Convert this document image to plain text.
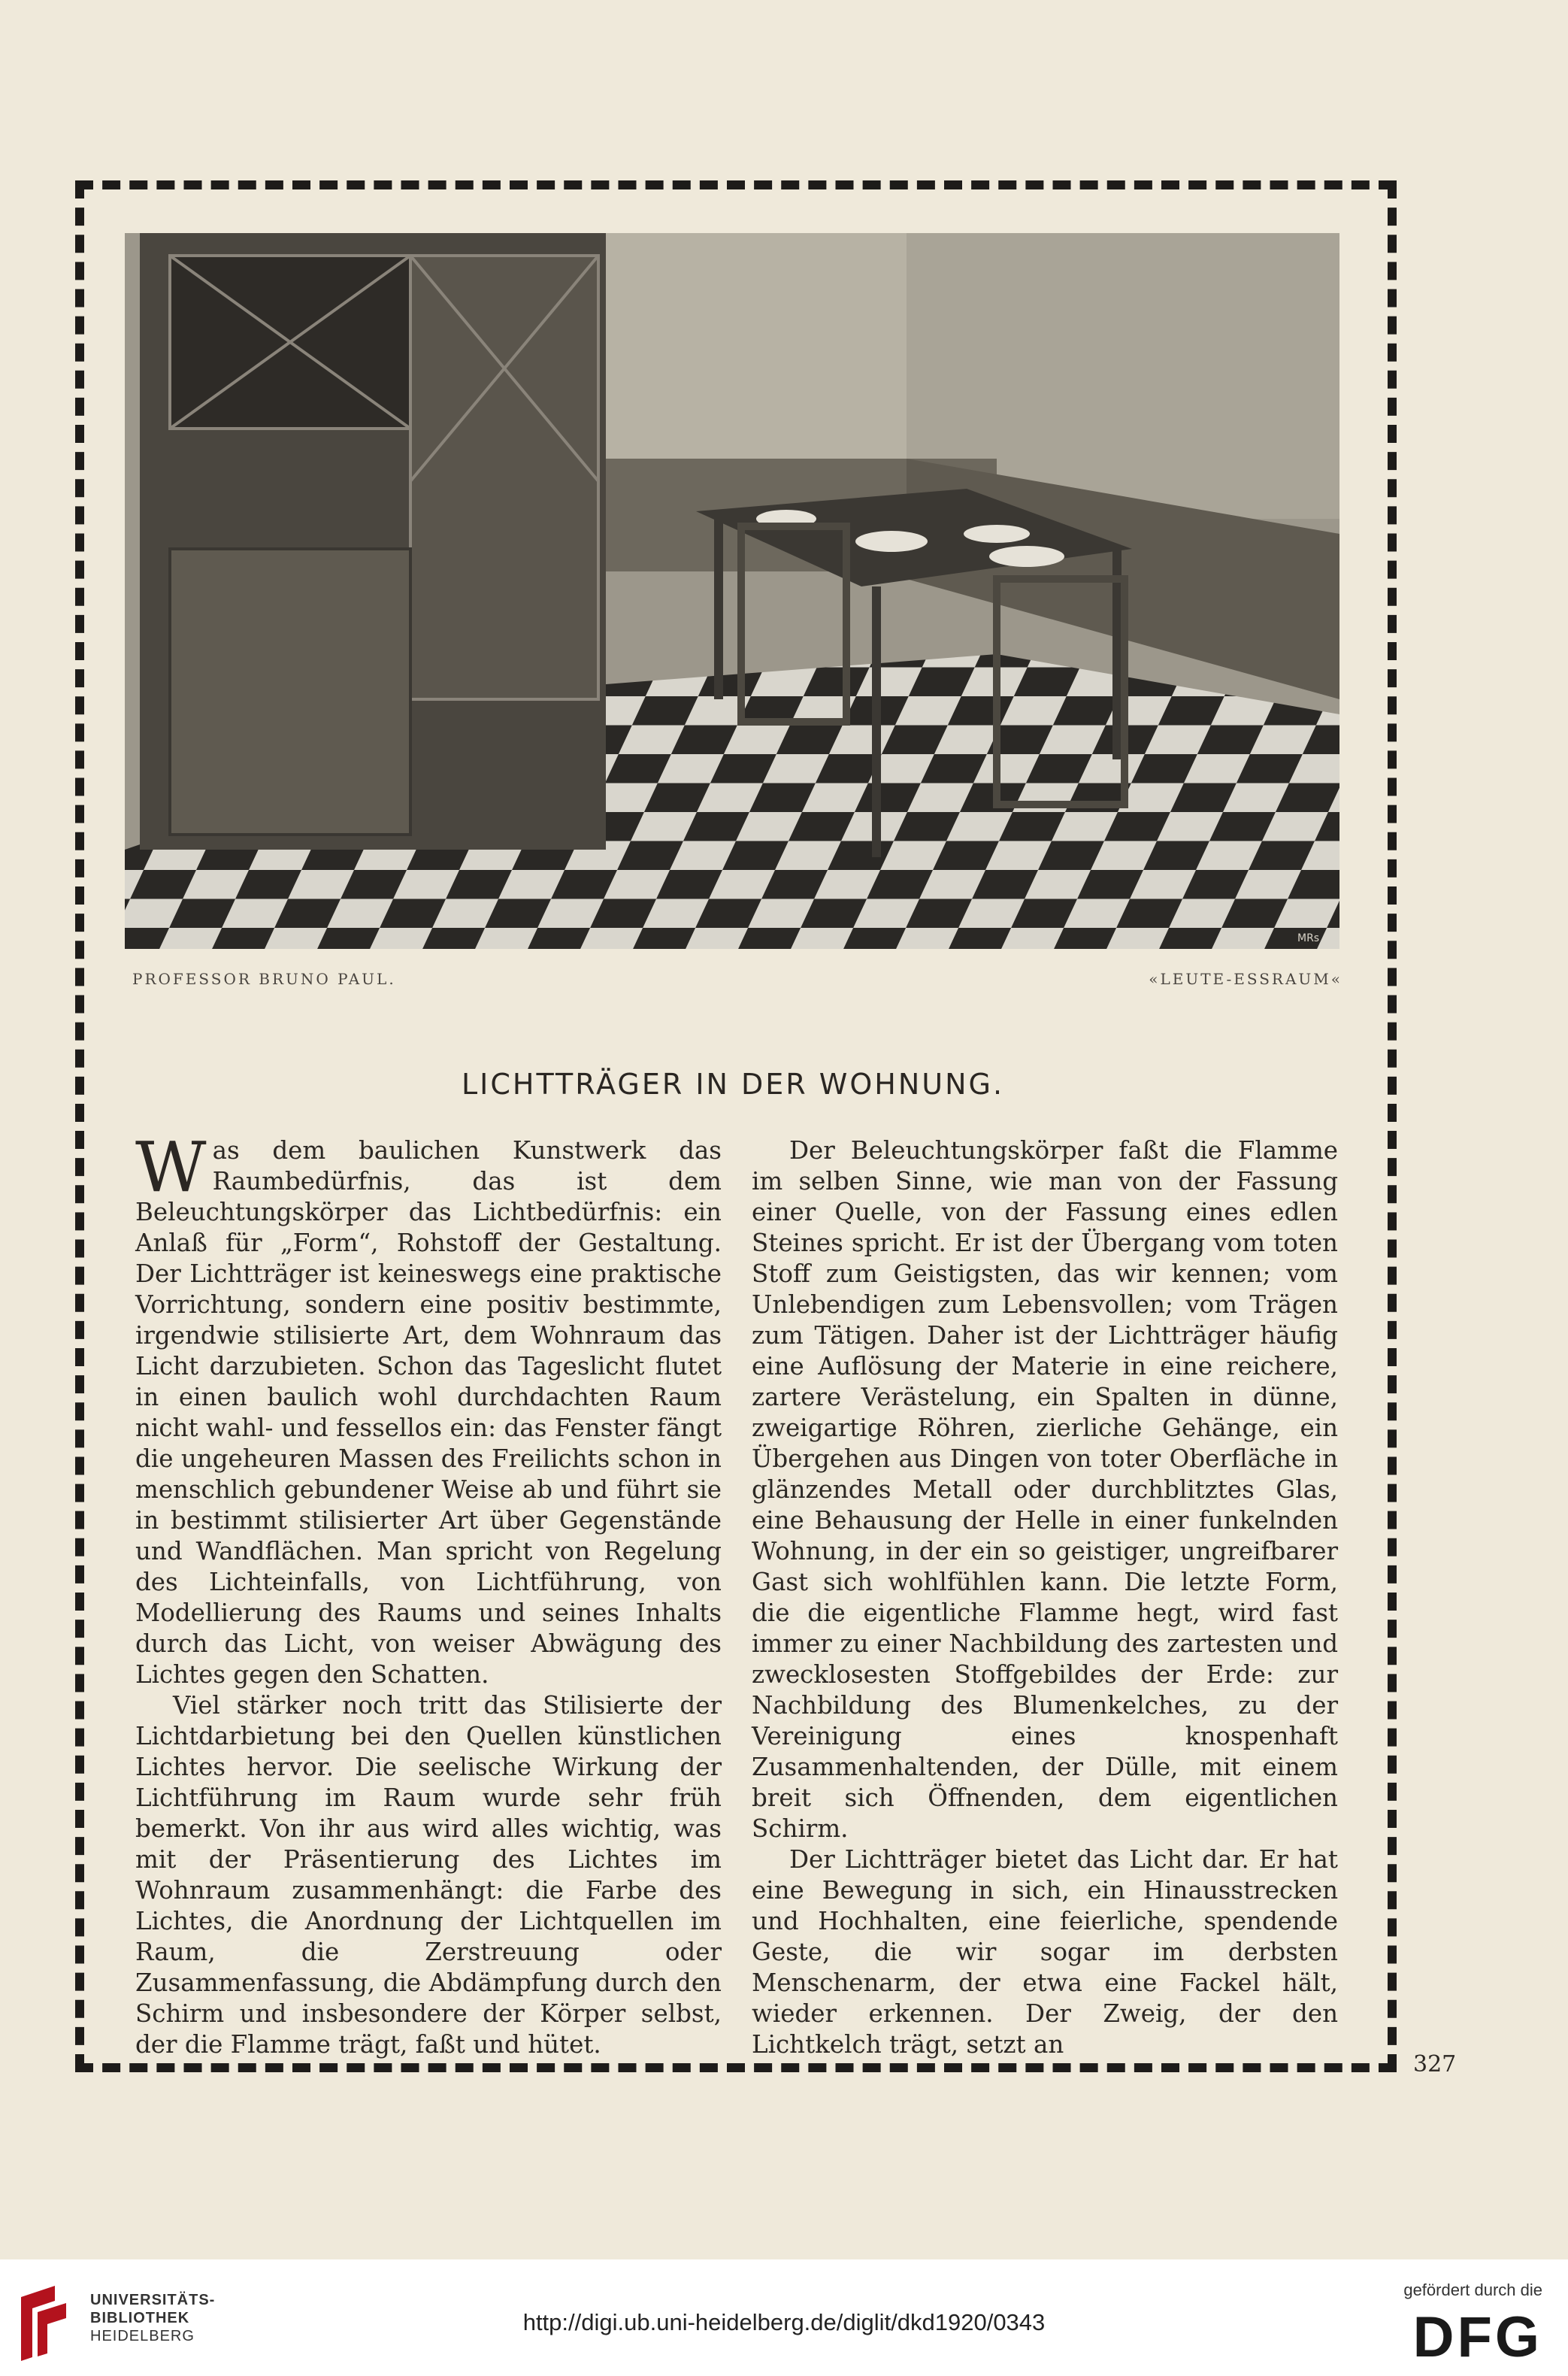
MRs
PROFESSOR BRUNO PAUL.	«LEUTE-ESSRAUM«
LICHTTRÄGER IN DER WOHNUNG.

Was dem baulichen Kunstwerk das Raumbedürfnis, das ist dem Beleuchtungskörper das Lichtbedürfnis: ein Anlaß für „Form“, Rohstoff der Gestaltung. Der Lichtträger ist keineswegs eine praktische Vorrichtung, sondern eine positiv bestimmte, irgendwie stilisierte Art, dem Wohnraum das Licht darzubieten. Schon das Tageslicht flutet in einen baulich wohl durchdachten Raum nicht wahl- und fessellos ein: das Fenster fängt die ungeheuren Massen des Freilichts schon in menschlich gebundener Weise ab und führt sie in bestimmt stilisierter Art über Gegenstände und Wandflächen. Man spricht von Regelung des Lichteinfalls, von Lichtführung, von Modellierung des Raums und seines Inhalts durch das Licht, von weiser Abwägung des Lichtes gegen den Schatten.

Viel stärker noch tritt das Stilisierte der Lichtdarbietung bei den Quellen künstlichen Lichtes hervor. Die seelische Wirkung der Lichtführung im Raum wurde sehr früh bemerkt. Von ihr aus wird alles wichtig, was mit der Präsentierung des Lichtes im Wohnraum zusammenhängt: die Farbe des Lichtes, die Anordnung der Lichtquellen im Raum, die Zerstreuung oder Zusammenfassung, die Abdämpfung durch den Schirm und insbesondere der Körper selbst, der die Flamme trägt, faßt und hütet.

Der Beleuchtungskörper faßt die Flamme im selben Sinne, wie man von der Fassung einer Quelle, von der Fassung eines edlen Steines spricht. Er ist der Übergang vom toten Stoff zum Geistigsten, das wir kennen; vom Unlebendigen zum Lebensvollen; vom Trägen zum Tätigen. Daher ist der Lichtträger häufig eine Auflösung der Materie in eine reichere, zartere Verästelung, ein Spalten in dünne, zweigartige Röhren, zierliche Gehänge, ein Übergehen aus Dingen von toter Oberfläche in glänzendes Metall oder durchblitztes Glas, eine Behausung der Helle in einer funkelnden Wohnung, in der ein so geistiger, ungreifbarer Gast sich wohlfühlen kann. Die letzte Form, die die eigentliche Flamme hegt, wird fast immer zu einer Nachbildung des zartesten und zwecklosesten Stoffgebildes der Erde: zur Nachbildung des Blumenkelches, zu der Vereinigung eines knospenhaft Zusammenhaltenden, der Dülle, mit einem breit sich Öffnenden, dem eigentlichen Schirm.

Der Lichtträger bietet das Licht dar. Er hat eine Bewegung in sich, ein Hinausstrecken und Hochhalten, eine feierliche, spendende Geste, die wir sogar im derbsten Menschenarm, der etwa eine Fackel hält, wieder erkennen. Der Zweig, der den Lichtkelch trägt, setzt an

327
UNIVERSITÄTS-
BIBLIOTHEK
HEIDELBERG
http://digi.ub.uni-heidelberg.de/diglit/dkd1920/0343
gefördert durch die
DFG
